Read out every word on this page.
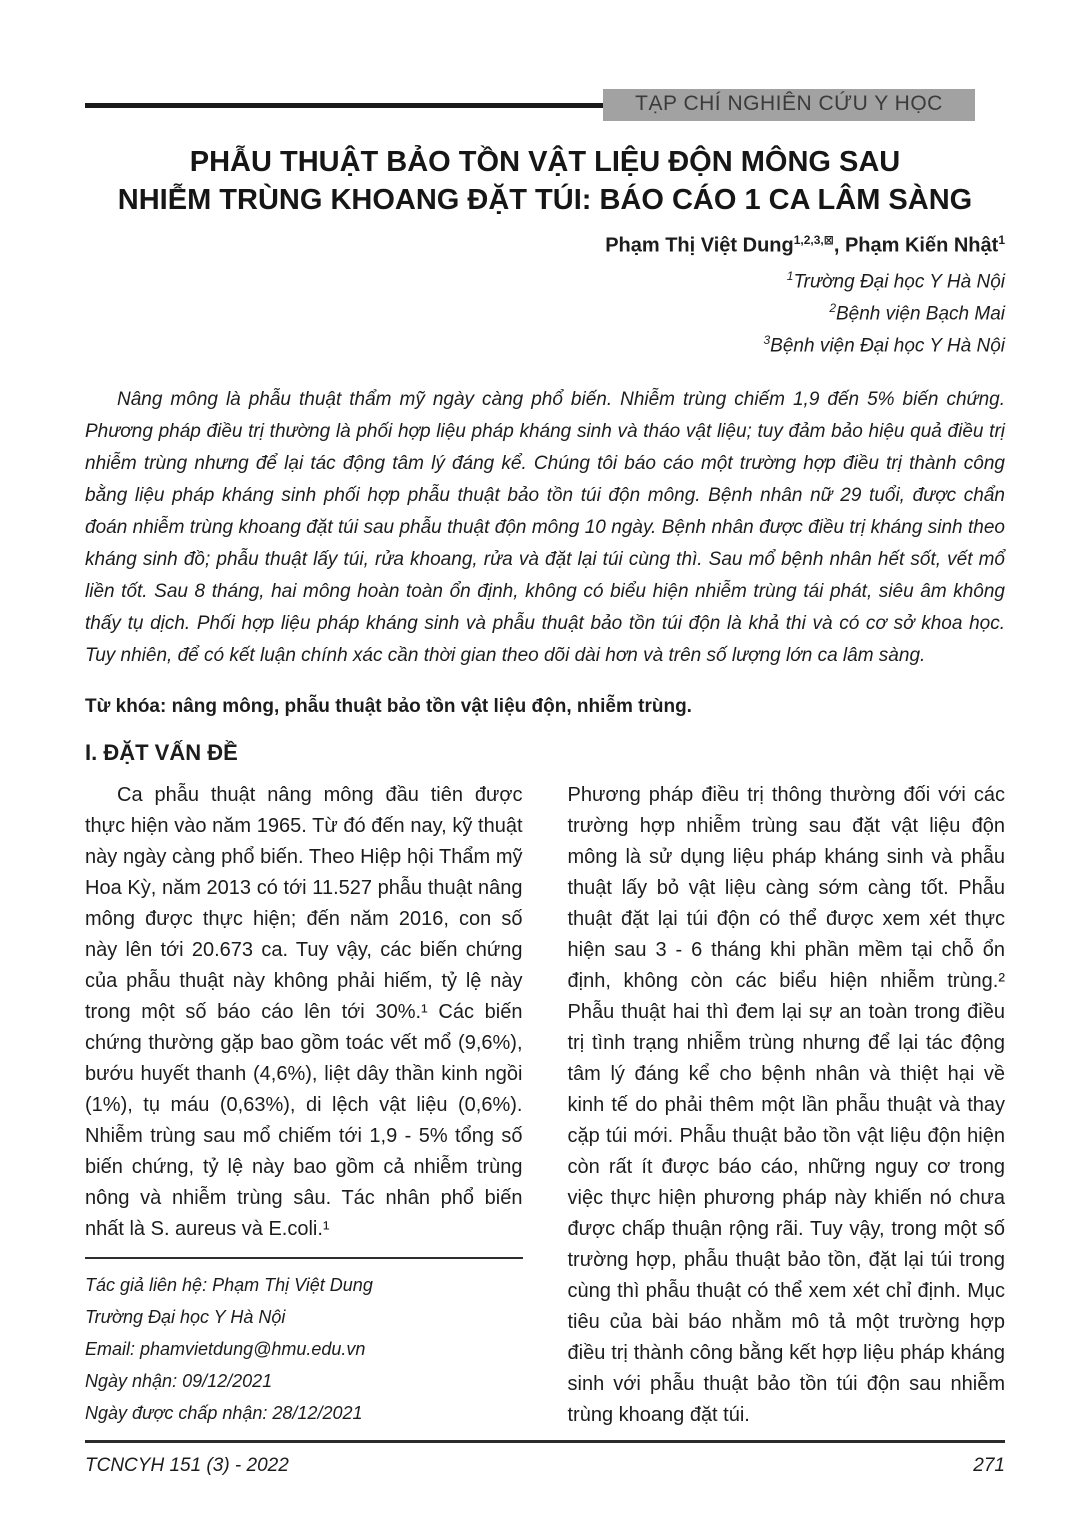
TẠP CHÍ NGHIÊN CỨU Y HỌC
PHẪU THUẬT BẢO TỒN VẬT LIỆU ĐỘN MÔNG SAU
NHIỄM TRÙNG KHOANG ĐẶT TÚI: BÁO CÁO 1 CA LÂM SÀNG
Phạm Thị Việt Dung$^{1,2,3,⊠}$, Phạm Kiến Nhật$^1$
$^1$Trường Đại học Y Hà Nội
$^2$Bệnh viện Bạch Mai
$^3$Bệnh viện Đại học Y Hà Nội

Nâng mông là phẫu thuật thẩm mỹ ngày càng phổ biến. Nhiễm trùng chiếm 1,9 đến 5% biến chứng. Phương pháp điều trị thường là phối hợp liệu pháp kháng sinh và tháo vật liệu; tuy đảm bảo hiệu quả điều trị nhiễm trùng nhưng để lại tác động tâm lý đáng kể. Chúng tôi báo cáo một trường hợp điều trị thành công bằng liệu pháp kháng sinh phối hợp phẫu thuật bảo tồn túi độn mông. Bệnh nhân nữ 29 tuổi, được chẩn đoán nhiễm trùng khoang đặt túi sau phẫu thuật độn mông 10 ngày. Bệnh nhân được điều trị kháng sinh theo kháng sinh đồ; phẫu thuật lấy túi, rửa khoang, rửa và đặt lại túi cùng thì. Sau mổ bệnh nhân hết sốt, vết mổ liền tốt. Sau 8 tháng, hai mông hoàn toàn ổn định, không có biểu hiện nhiễm trùng tái phát, siêu âm không thấy tụ dịch. Phối hợp liệu pháp kháng sinh và phẫu thuật bảo tồn túi độn là khả thi và có cơ sở khoa học. Tuy nhiên, để có kết luận chính xác cần thời gian theo dõi dài hơn và trên số lượng lớn ca lâm sàng.

Từ khóa: nâng mông, phẫu thuật bảo tồn vật liệu độn, nhiễm trùng.

I. ĐẶT VẤN ĐỀ

Ca phẫu thuật nâng mông đầu tiên được thực hiện vào năm 1965. Từ đó đến nay, kỹ thuật này ngày càng phổ biến. Theo Hiệp hội Thẩm mỹ Hoa Kỳ, năm 2013 có tới 11.527 phẫu thuật nâng mông được thực hiện; đến năm 2016, con số này lên tới 20.673 ca. Tuy vậy, các biến chứng của phẫu thuật này không phải hiếm, tỷ lệ này trong một số báo cáo lên tới 30%.¹ Các biến chứng thường gặp bao gồm toác vết mổ (9,6%), bướu huyết thanh (4,6%), liệt dây thần kinh ngồi (1%), tụ máu (0,63%), di lệch vật liệu (0,6%). Nhiễm trùng sau mổ chiếm tới 1,9 - 5% tổng số biến chứng, tỷ lệ này bao gồm cả nhiễm trùng nông và nhiễm trùng sâu. Tác nhân phổ biến nhất là S. aureus và E.coli.¹

Tác giả liên hệ: Phạm Thị Việt Dung
Trường Đại học Y Hà Nội
Email: phamvietdung@hmu.edu.vn
Ngày nhận: 09/12/2021
Ngày được chấp nhận: 28/12/2021

Phương pháp điều trị thông thường đối với các trường hợp nhiễm trùng sau đặt vật liệu độn mông là sử dụng liệu pháp kháng sinh và phẫu thuật lấy bỏ vật liệu càng sớm càng tốt. Phẫu thuật đặt lại túi độn có thể được xem xét thực hiện sau 3 - 6 tháng khi phần mềm tại chỗ ổn định, không còn các biểu hiện nhiễm trùng.² Phẫu thuật hai thì đem lại sự an toàn trong điều trị tình trạng nhiễm trùng nhưng để lại tác động tâm lý đáng kể cho bệnh nhân và thiệt hại về kinh tế do phải thêm một lần phẫu thuật và thay cặp túi mới. Phẫu thuật bảo tồn vật liệu độn hiện còn rất ít được báo cáo, những nguy cơ trong việc thực hiện phương pháp này khiến nó chưa được chấp thuận rộng rãi. Tuy vậy, trong một số trường hợp, phẫu thuật bảo tồn, đặt lại túi trong cùng thì phẫu thuật có thể xem xét chỉ định. Mục tiêu của bài báo nhằm mô tả một trường hợp điều trị thành công bằng kết hợp liệu pháp kháng sinh với phẫu thuật bảo tồn túi độn sau nhiễm trùng khoang đặt túi.

TCNCYH 151 (3) - 2022	271
